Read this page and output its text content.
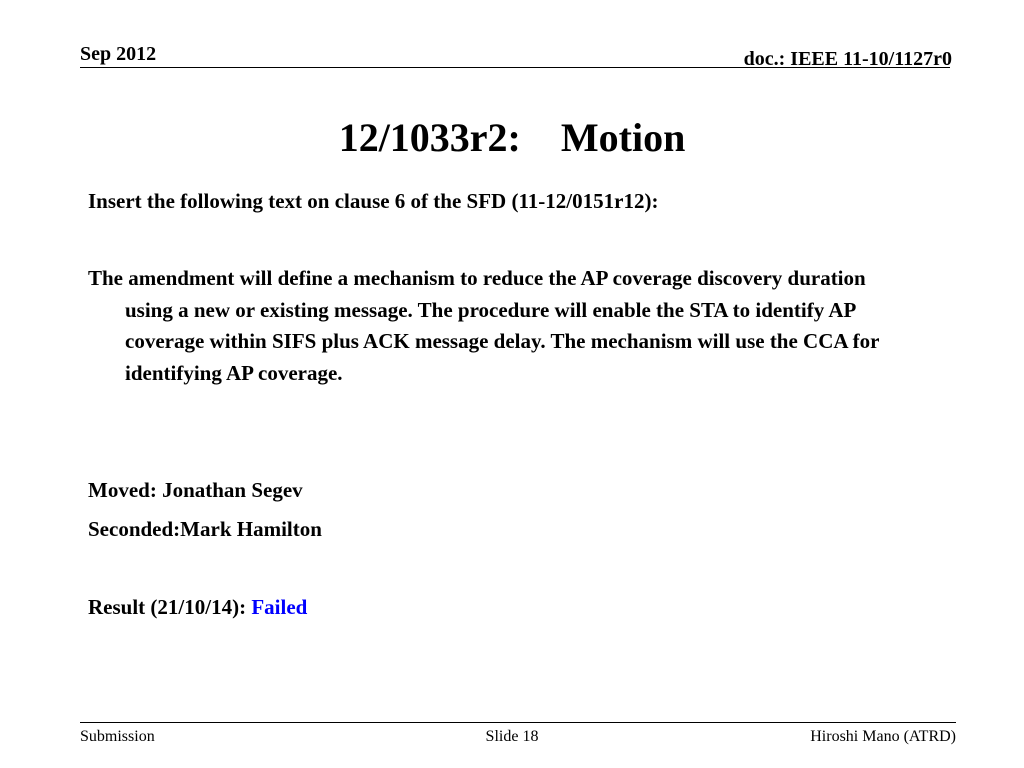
Sep 2012	doc.: IEEE 11-10/1127r0
12/1033r2:    Motion
Insert the following text on clause 6 of the SFD (11-12/0151r12):
The amendment will define a mechanism to reduce the AP coverage discovery duration using a new or existing message. The procedure will enable the STA to identify AP coverage within SIFS plus ACK message delay. The mechanism will use the CCA for identifying AP coverage.
Moved: Jonathan Segev
Seconded:Mark Hamilton
Result (21/10/14): Failed
Submission	Slide 18	Hiroshi Mano (ATRD)
